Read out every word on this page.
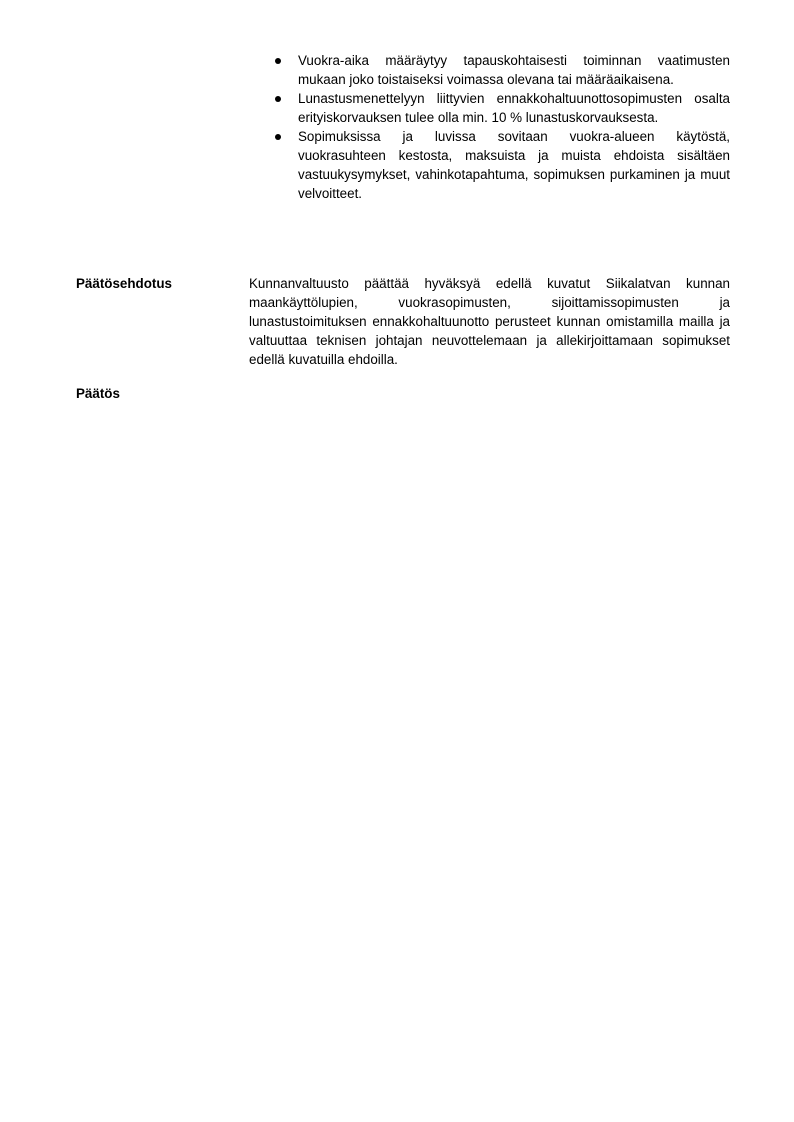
Vuokra-aika määräytyy tapauskohtaisesti toiminnan vaatimusten mukaan joko toistaiseksi voimassa olevana tai määräaikaisena.
Lunastusmenettelyyn liittyvien ennakkohaltuunottosopimusten osalta erityiskorvauksen tulee olla min. 10 % lunastuskorvauksesta.
Sopimuksissa ja luvissa sovitaan vuokra-alueen käytöstä, vuokrasuhteen kestosta, maksuista ja muista ehdoista sisältäen vastuukysymykset, vahinkotapahtuma, sopimuksen purkaminen ja muut velvoitteet.
Päätösehdotus	Kunnanvaltuusto päättää hyväksyä edellä kuvatut Siikalatvan kunnan maankäyttölupien, vuokrasopimusten, sijoittamissopimusten ja lunastustoimituksen ennakkohaltuunotto perusteet kunnan omistamilla mailla ja valtuuttaa teknisen johtajan neuvottelemaan ja allekirjoittamaan sopimukset edellä kuvatuilla ehdoilla.

Päätös
